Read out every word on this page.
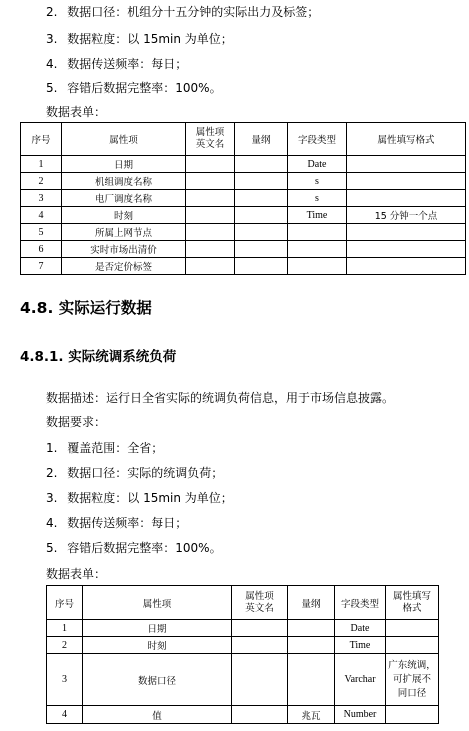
2. 数据口径：机组分十五分钟的实际出力及标签；
3. 数据粒度：以 15min 为单位；
4. 数据传送频率：每日；
5. 容错后数据完整率：100%。
数据表单：
序号	属性项	属性项
英文名	量纲	字段类型	属性填写格式
1	日期			Date	
2	机组调度名称			s	
3	电厂调度名称			s	
4	时刻			Time	15 分钟一个点
5	所属上网节点				
6	实时市场出清价				
7	是否定价标签				
4.8. 实际运行数据
4.8.1. 实际统调系统负荷
数据描述：运行日全省实际的统调负荷信息，用于市场信息披露。
数据要求：
1. 覆盖范围：全省；
2. 数据口径：实际的统调负荷；
3. 数据粒度：以 15min 为单位；
4. 数据传送频率：每日；
5. 容错后数据完整率：100%。
数据表单：
序号	属性项	属性项
英文名	量纲	字段类型	属性填写
格式
1	日期			Date	
2	时刻			Time	
3	数据口径			Varchar	广东统调，
可扩展不
同口径
4	值		兆瓦	Number	
